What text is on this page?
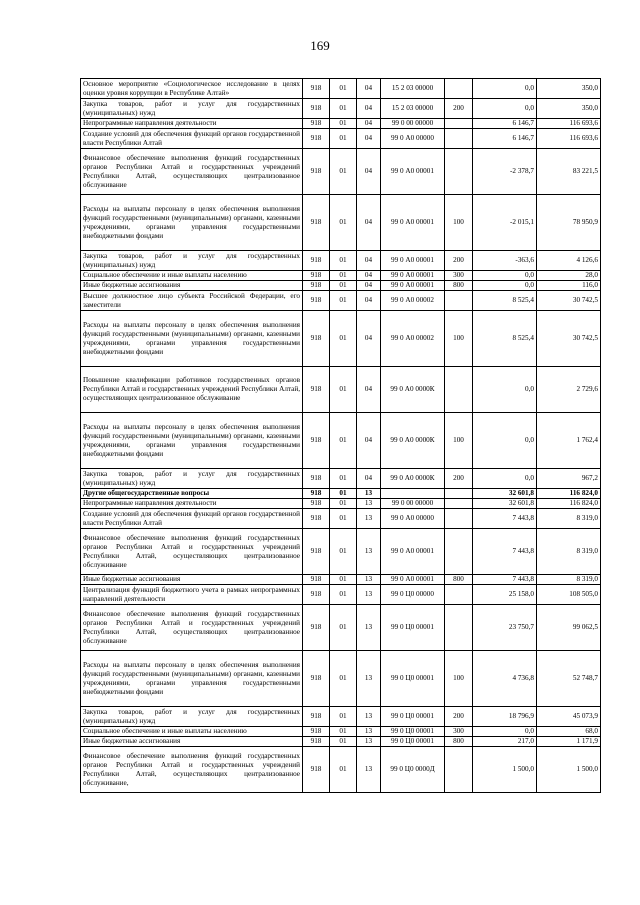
169
Основное мероприятие «Социологическое исследование в целях оценки уровня коррупции в Республике Алтай»	918	01	04	15 2 03 00000		0,0	350,0
Закупка товаров, работ и услуг для государственных (муниципальных) нужд	918	01	04	15 2 03 00000	200	0,0	350,0
Непрограммные направления деятельности	918	01	04	99 0 00 00000		6 146,7	116 693,6
Создание условий для обеспечения функций органов государственной власти Республики Алтай	918	01	04	99 0 А0 00000		6 146,7	116 693,6
Финансовое обеспечение выполнения функций государственных органов Республики Алтай и государственных учреждений Республики Алтай, осуществляющих централизованное обслуживание	918	01	04	99 0 А0 00001		-2 378,7	83 221,5
Расходы на выплаты персоналу в целях обеспечения выполнения функций государственными (муниципальными) органами, казенными учреждениями, органами управления государственными внебюджетными фондами	918	01	04	99 0 А0 00001	100	-2 015,1	78 950,9
Закупка товаров, работ и услуг для государственных (муниципальных) нужд	918	01	04	99 0 А0 00001	200	-363,6	4 126,6
Социальное обеспечение и иные выплаты населению	918	01	04	99 0 А0 00001	300	0,0	28,0
Иные бюджетные ассигнования	918	01	04	99 0 А0 00001	800	0,0	116,0
Высшее должностное лицо субъекта Российской Федерации, его заместители	918	01	04	99 0 А0 00002		8 525,4	30 742,5
Расходы на выплаты персоналу в целях обеспечения выполнения функций государственными (муниципальными) органами, казенными учреждениями, органами управления государственными внебюджетными фондами	918	01	04	99 0 А0 00002	100	8 525,4	30 742,5
Повышение квалификации работников государственных органов Республики Алтай и государственных учреждений Республики Алтай, осуществляющих централизованное обслуживание	918	01	04	99 0 А0 0000К		0,0	2 729,6
Расходы на выплаты персоналу в целях обеспечения выполнения функций государственными (муниципальными) органами, казенными учреждениями, органами управления государственными внебюджетными фондами	918	01	04	99 0 А0 0000К	100	0,0	1 762,4
Закупка товаров, работ и услуг для государственных (муниципальных) нужд	918	01	04	99 0 А0 0000К	200	0,0	967,2
Другие общегосударственные вопросы	918	01	13			32 601,8	116 824,0
Непрограммные направления деятельности	918	01	13	99 0 00 00000		32 601,8	116 824,0
Создание условий для обеспечения функций органов государственной власти Республики Алтай	918	01	13	99 0 А0 00000		7 443,8	8 319,0
Финансовое обеспечение выполнения функций государственных органов Республики Алтай и государственных учреждений Республики Алтай, осуществляющих централизованное обслуживание	918	01	13	99 0 А0 00001		7 443,8	8 319,0
Иные бюджетные ассигнования	918	01	13	99 0 А0 00001	800	7 443,8	8 319,0
Централизация функций бюджетного учета в рамках непрограммных направлений деятельности	918	01	13	99 0 Ц0 00000		25 158,0	108 505,0
Финансовое обеспечение выполнения функций государственных органов Республики Алтай и государственных учреждений Республики Алтай, осуществляющих централизованное обслуживание	918	01	13	99 0 Ц0 00001		23 750,7	99 062,5
Расходы на выплаты персоналу в целях обеспечения выполнения функций государственными (муниципальными) органами, казенными учреждениями, органами управления государственными внебюджетными фондами	918	01	13	99 0 Ц0 00001	100	4 736,8	52 748,7
Закупка товаров, работ и услуг для государственных (муниципальных) нужд	918	01	13	99 0 Ц0 00001	200	18 796,9	45 073,9
Социальное обеспечение и иные выплаты населению	918	01	13	99 0 Ц0 00001	300	0,0	68,0
Иные бюджетные ассигнования	918	01	13	99 0 Ц0 00001	800	217,0	1 171,9
Финансовое обеспечение выполнения функций государственных органов Республики Алтай и государственных учреждений Республики Алтай, осуществляющих централизованное обслуживание,	918	01	13	99 0 Ц0 0000Д		1 500,0	1 500,0
